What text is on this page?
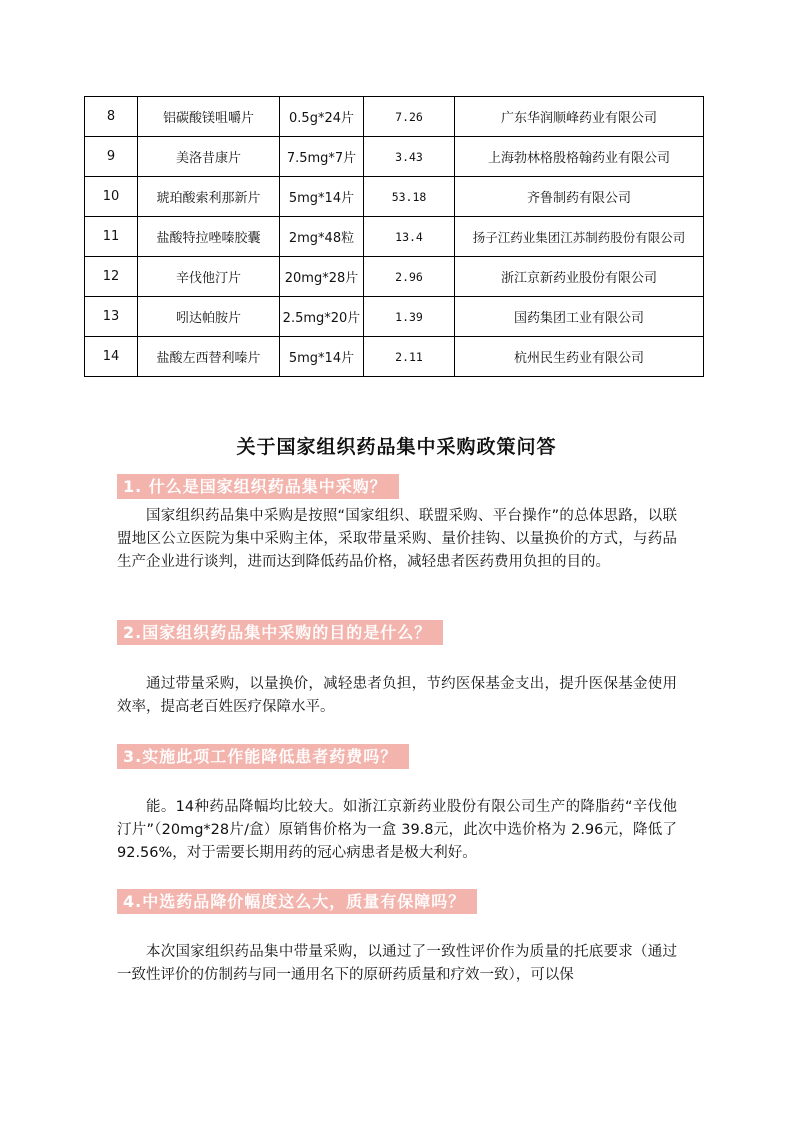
8	铝碳酸镁咀嚼片	0.5g*24片	7.26	广东华润顺峰药业有限公司
9	美洛昔康片	7.5mg*7片	3.43	上海勃林格殷格翰药业有限公司
10	琥珀酸索利那新片	5mg*14片	53.18	齐鲁制药有限公司
11	盐酸特拉唑嗪胶囊	2mg*48粒	13.4	扬子江药业集团江苏制药股份有限公司
12	辛伐他汀片	20mg*28片	2.96	浙江京新药业股份有限公司
13	吲达帕胺片	2.5mg*20片	1.39	国药集团工业有限公司
14	盐酸左西替利嗪片	5mg*14片	2.11	杭州民生药业有限公司
关于国家组织药品集中采购政策问答
1. 什么是国家组织药品集中采购？

国家组织药品集中采购是按照“国家组织、联盟采购、平台操作”的总体思路，以联盟地区公立医院为集中采购主体，采取带量采购、量价挂钩、以量换价的方式，与药品生产企业进行谈判，进而达到降低药品价格，减轻患者医药费用负担的目的。

2.国家组织药品集中采购的目的是什么？

通过带量采购，以量换价，减轻患者负担，节约医保基金支出，提升医保基金使用效率，提高老百姓医疗保障水平。

3.实施此项工作能降低患者药费吗？

能。14种药品降幅均比较大。如浙江京新药业股份有限公司生产的降脂药“辛伐他汀片”（20mg*28片/盒）原销售价格为一盒 39.8元，此次中选价格为 2.96元，降低了 92.56%，对于需要长期用药的冠心病患者是极大利好。

4.中选药品降价幅度这么大，质量有保障吗？

本次国家组织药品集中带量采购，以通过了一致性评价作为质量的托底要求（通过一致性评价的仿制药与同一通用名下的原研药质量和疗效一致），可以保
